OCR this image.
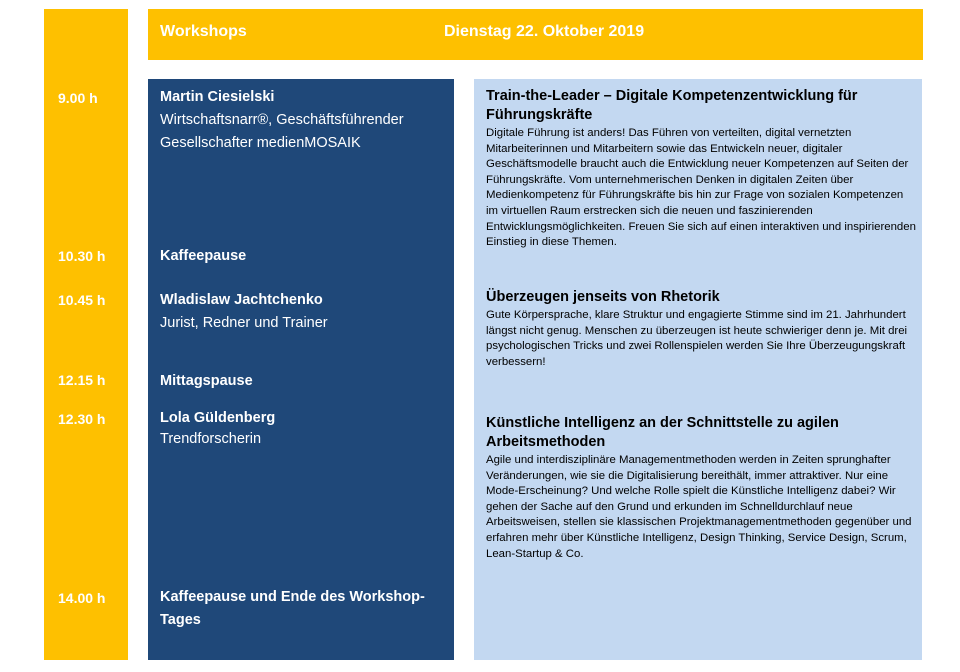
Workshops	Dienstag 22. Oktober 2019
9.00 h
10.30 h
10.45 h
12.15 h
12.30 h
14.00 h
Martin Ciesielski
Wirtschaftsnarr®, Geschäftsführender
Gesellschafter medienMOSAIK
Kaffeepause
Wladislaw Jachtchenko
Jurist, Redner und Trainer
Mittagspause
Lola Güldenberg
Trendforscherin
Kaffeepause und Ende des Workshop-Tages
Train-the-Leader – Digitale Kompetenzentwicklung für Führungskräfte
Digitale Führung ist anders! Das Führen von verteilten, digital vernetzten Mitarbeiterinnen und Mitarbeitern sowie das Entwickeln neuer, digitaler Geschäftsmodelle braucht auch die Entwicklung neuer Kompetenzen auf Seiten der Führungskräfte. Vom unternehmerischen Denken in digitalen Zeiten über Medienkompetenz für Führungskräfte bis hin zur Frage von sozialen Kompetenzen im virtuellen Raum erstrecken sich die neuen und faszinierenden Entwicklungsmöglichkeiten. Freuen Sie sich auf einen interaktiven und inspirierenden Einstieg in diese Themen.
Überzeugen jenseits von Rhetorik
Gute Körpersprache, klare Struktur und engagierte Stimme sind im 21. Jahrhundert längst nicht genug. Menschen zu überzeugen ist heute schwieriger denn je. Mit drei psychologischen Tricks und zwei Rollenspielen werden Sie Ihre Überzeugungskraft verbessern!
Künstliche Intelligenz an der Schnittstelle zu agilen Arbeitsmethoden
Agile und interdisziplinäre Managementmethoden werden in Zeiten sprunghafter Veränderungen, wie sie die Digitalisierung bereithält, immer attraktiver. Nur eine Mode-Erscheinung? Und welche Rolle spielt die Künstliche Intelligenz dabei? Wir gehen der Sache auf den Grund und erkunden im Schnelldurchlauf neue Arbeitsweisen, stellen sie klassischen Projektmanagementmethoden gegenüber und erfahren mehr über Künstliche Intelligenz, Design Thinking, Service Design, Scrum, Lean-Startup & Co.
